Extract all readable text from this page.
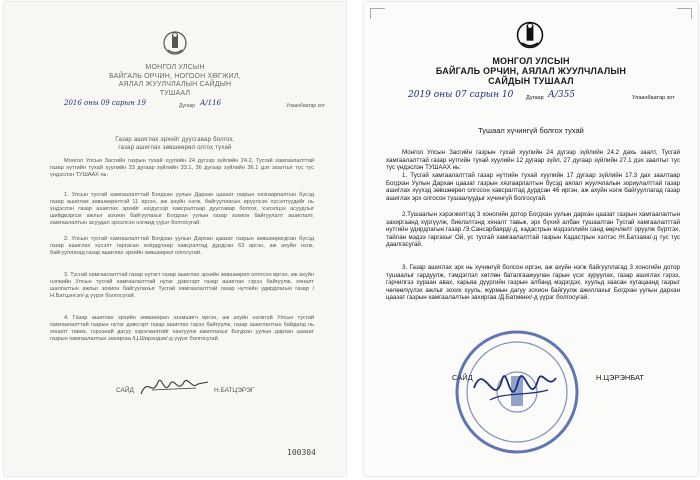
МОНГОЛ УЛСЫН
БАЙГАЛЬ ОРЧИН, НОГООН ХӨГЖИЛ,
АЯЛАЛ ЖУУЛЧЛАЛЫН САЙДЫН
ТУШААЛ
2016 оны 09 сарын 19	Дугаар А/116	Улаанбаатар хот
Газар ашиглах эрхийг дуусгавар болгох,
газар ашиглах зөвшөөрөл олгох тухай
Монгол Улсын Засгийн газрын тухай хуулийн 24 дүгээр зүйлийн 24.2, Тусгай хамгаалалттай газар нутгийн тухай хуулийн 33 дугаар зүйлийн 33.1, 36 дугаар зүйлийн 36.1 дэх заалтыг тус тус үндэслэн ТУШААХ нь:
1. Улсын тусгай хамгаалалттай Богдхан уулын Дархан цаазат газрын хязгаарлалтын бүсэд газар ашиглах зөвшөөрөлтэй 11 иргэн, аж ахуйн нэгж, байгууллагын ирүүлсэн хүсэлтүүдийг нь үндэслэн газар ашиглах эрхийг нэгдүгээр хавсралтаар дуусгавар болгох, хэлэлцэх асуудлыг шийдвэрлэх ажлыг зохион байгуулахыг Богдхан уулын газар зохион байгуулалт ашиглалт, хамгаалалтын асуудал эрхэлсэн нэгжид үүрэг болгосугай.
2. Улсын тусгай хамгаалалттай Богдхан уулын Дархан цаазат газрын зөвшөөрөгдсөн бүсэд газар ашиглах хүсэлт гаргасан хоёрдугаар хавсралтад дурдсан 63 иргэн, аж ахуйн нэгж, байгууллагад газар ашиглах эрхийн зөвшөөрөл олгосугай.
3. Тусгай хамгаалалттай газар нутагт газар ашиглах эрхийн зөвшөөрөл олгосон иргэн, аж ахуйн нэгжийн Улсын тусгай хамгаалалттай нутаг дэвсгэрт газар ашиглах гэрээ байгуулж, хяналт шалгалтын ажлыг зохион байгуулахыг Тусгай хамгаалалттай газар нутгийн удирдлагын газар /Н.Батцэнгэл/-д үүрэг болгосугай.
4. Газар ашиглах эрхийн зөвшөөрөл эзэмшигч иргэн, аж ахуйн нэгжтэй Улсын тусгай хамгаалалттай газрын нутаг дэвсгэрт газар ашиглах гэрээ байгуулж, газар ашиглалтын байдалд нь хяналт тавих, гэрээний дагуу хэрэгжилтийг хангуулж ажиллахыг Богдхан уулын дархан цаазат газрын хамгаалалтын захиргаа /Ц.Ширэндэв/-д үүрэг болгосугай.
САЙД	Н.БАТЦЭРЭГ
100304
МОНГОЛ УЛСЫН
БАЙГАЛЬ ОРЧИН, АЯЛАЛ ЖУУЛЧЛАЛЫН
САЙДЫН ТУШААЛ
2019 оны 07 сарын 10 Дугаар А/355	Улаанбаатар хот
Тушаал хүчингүй болгох тухай
Монгол Улсын Засгийн газрын тухай хуулийн 24 дүгээр зүйлийн 24.2 дахь заалт, Тусгай хамгаалалттай газар нутгийн тухай хуулийн 12 дугаар зүйл, 27 дугаар зүйлийн 27.1 дэх заалтыг тус тус үндэслэн ТУШААХ нь:
1. Тусгай хамгаалалттай газар нутгийн тухай хуулийн 17 дугаар зүйлийн 17.3 дах заалтаар Богдхан Уулын Дархан цаазат газрын хязгаарлалтын бүсэд аялал жуулчлалын зориулалттай газар ашиглах хүүхэд зөвшөөрөл олгосон хавсралтад дурдсан 46 иргэн, аж ахуйн нэгж байгууллагад газар ашиглах эрх олгосон тушаалуудыг хүчингүй болгосугай.
2.Тушаалын хэрэгжилтэд 3 хоногийн дотор Богдхан уулын дархан цаазат газрын хамгаалалтын захиргаанд хүргүүлж, биелэлтэнд хяналт тавьж, эрх бүхий албан тушаалтан Тусгай хамгаалалттай нутгийн удирдлагын газар /Э.Сансарбаярд/-д, кадастрын мэдээллийн санд өөрчлөлт оруулж бүртгэх, тайлан мэдээ гаргахыг Ой, ус тусгай хамгаалалттай газрын Кадастрын хэлтэс /Н.Батзаяа/-д тус тус даалгасугай.
3. Газар ашиглах эрх нь хүчингүй болсон иргэн, аж ахуйн нэгж байгууллагад 3 хоногийн дотор тушаалыг гардуулж, тэмдэглэл хөтлөн баталгаажуулан гарын үсэг зуруулах, газар ашиглах гэрээ, гэрчилгээ хураан авах, харьяа дүүргийн газрын албанд мэдэгдэх, хуульд заасан хугацаанд газрыг чөлөөлүүлэх ажлыг зохих хууль, журмын дагуу зохион байгуулж ажиллахыг Богдхан уулын дархан цаазат газрын хамгаалалтын захиргаа /Д.Батмөнх/-д үүрэг болгосугай.
САЙД	Н.ЦЭРЭНБАТ
